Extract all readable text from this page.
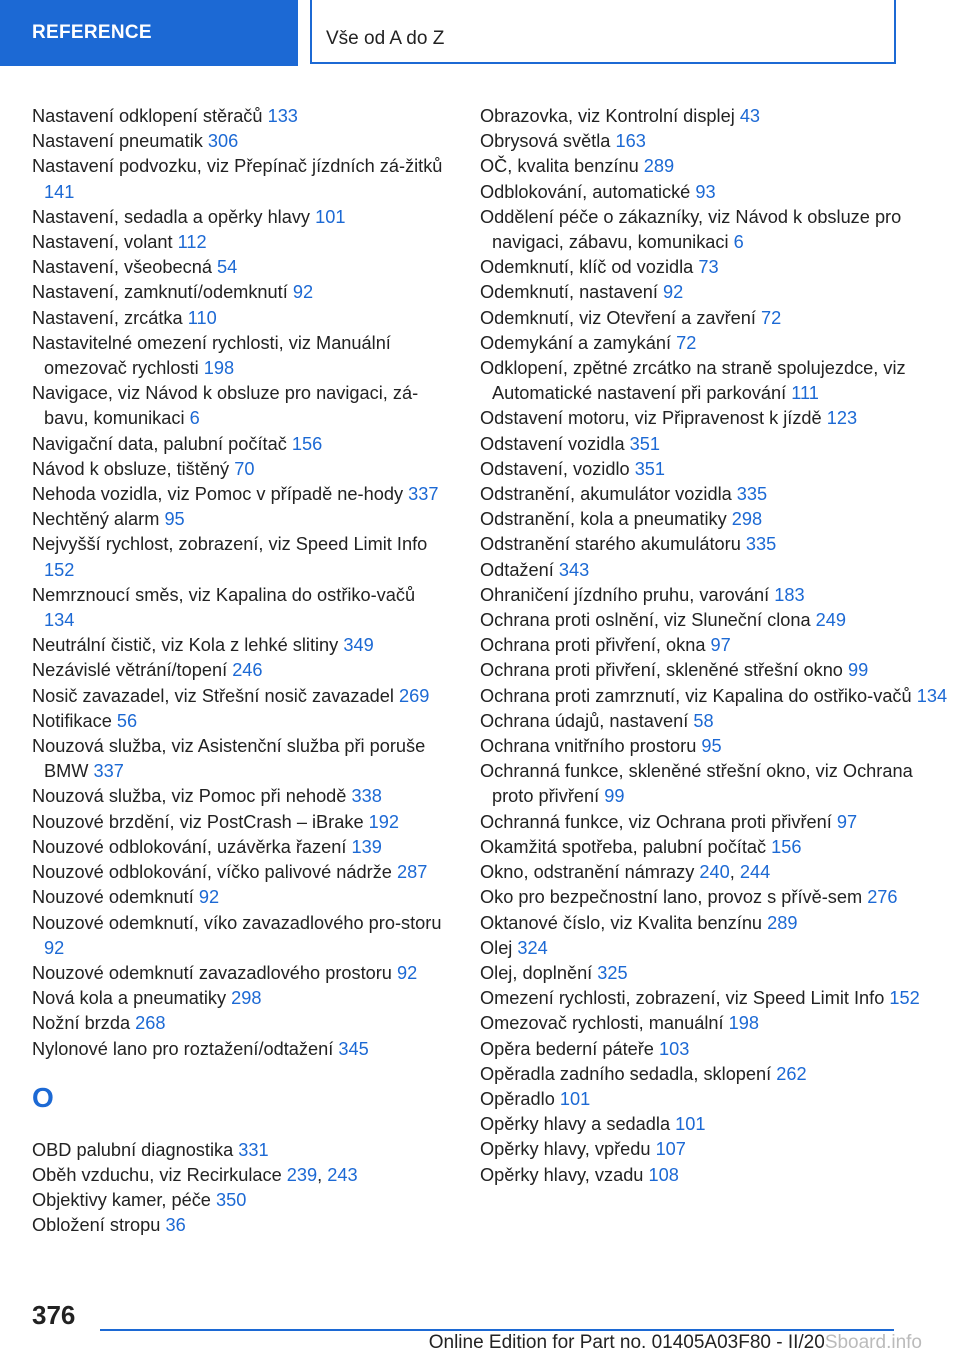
REFERENCE	Vše od A do Z
Nastavení odklopení stěračů 133
Nastavení pneumatik 306
Nastavení podvozku, viz Přepínač jízdních zá‐žitků 141
Nastavení, sedadla a opěrky hlavy 101
Nastavení, volant 112
Nastavení, všeobecná 54
Nastavení, zamknutí/odemknutí 92
Nastavení, zrcátka 110
Nastavitelné omezení rychlosti, viz Manuální omezovač rychlosti 198
Navigace, viz Návod k obsluze pro navigaci, zá‐bavu, komunikaci 6
Navigační data, palubní počítač 156
Návod k obsluze, tištěný 70
Nehoda vozidla, viz Pomoc v případě ne‐hody 337
Nechtěný alarm 95
Nejvyšší rychlost, zobrazení, viz Speed Limit Info 152
Nemrznoucí směs, viz Kapalina do ostřiko‐vačů 134
Neutrální čistič, viz Kola z lehké slitiny 349
Nezávislé větrání/topení 246
Nosič zavazadel, viz Střešní nosič zavazadel 269
Notifikace 56
Nouzová služba, viz Asistenční služba při poruše BMW 337
Nouzová služba, viz Pomoc při nehodě 338
Nouzové brzdění, viz PostCrash – iBrake 192
Nouzové odblokování, uzávěrka řazení 139
Nouzové odblokování, víčko palivové nádrže 287
Nouzové odemknutí 92
Nouzové odemknutí, víko zavazadlového pro‐storu 92
Nouzové odemknutí zavazadlového prostoru 92
Nová kola a pneumatiky 298
Nožní brzda 268
Nylonové lano pro roztažení/odtažení 345
O
OBD palubní diagnostika 331
Oběh vzduchu, viz Recirkulace 239, 243
Objektivy kamer, péče 350
Obložení stropu 36
Obrazovka, viz Kontrolní displej 43
Obrysová světla 163
OČ, kvalita benzínu 289
Odblokování, automatické 93
Oddělení péče o zákazníky, viz Návod k obsluze pro navigaci, zábavu, komunikaci 6
Odemknutí, klíč od vozidla 73
Odemknutí, nastavení 92
Odemknutí, viz Otevření a zavření 72
Odemykání a zamykání 72
Odklopení, zpětné zrcátko na straně spolujezdce, viz Automatické nastavení při parkování 111
Odstavení motoru, viz Připravenost k jízdě 123
Odstavení vozidla 351
Odstavení, vozidlo 351
Odstranění, akumulátor vozidla 335
Odstranění, kola a pneumatiky 298
Odstranění starého akumulátoru 335
Odtažení 343
Ohraničení jízdního pruhu, varování 183
Ochrana proti oslnění, viz Sluneční clona 249
Ochrana proti přivření, okna 97
Ochrana proti přivření, skleněné střešní okno 99
Ochrana proti zamrznutí, viz Kapalina do ostřiko‐vačů 134
Ochrana údajů, nastavení 58
Ochrana vnitřního prostoru 95
Ochranná funkce, skleněné střešní okno, viz Ochrana proto přivření 99
Ochranná funkce, viz Ochrana proti přivření 97
Okamžitá spotřeba, palubní počítač 156
Okno, odstranění námrazy 240, 244
Oko pro bezpečnostní lano, provoz s přívě‐sem 276
Oktanové číslo, viz Kvalita benzínu 289
Olej 324
Olej, doplnění 325
Omezení rychlosti, zobrazení, viz Speed Limit Info 152
Omezovač rychlosti, manuální 198
Opěra bederní páteře 103
Opěradla zadního sedadla, sklopení 262
Opěradlo 101
Opěrky hlavy a sedadla 101
Opěrky hlavy, vpředu 107
Opěrky hlavy, vzadu 108
376
Online Edition for Part no. 01405A03F80 - II/20Sboard.info
